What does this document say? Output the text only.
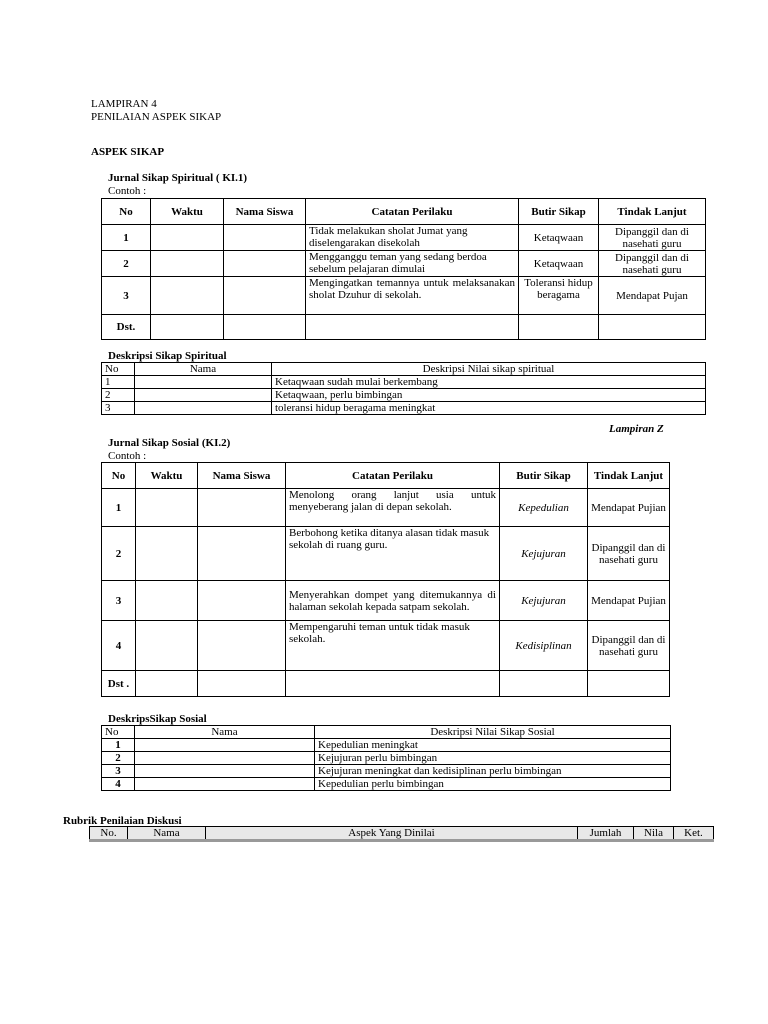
LAMPIRAN 4
PENILAIAN ASPEK SIKAP
ASPEK SIKAP
Jurnal Sikap Spiritual ( KI.1)
Contoh :
No	Waktu	Nama Siswa	Catatan Perilaku	Butir Sikap	Tindak Lanjut
1			Tidak melakukan sholat Jumat yang diselengarakan disekolah	Ketaqwaan	Dipanggil dan di nasehati guru
2			Mengganggu teman yang sedang berdoa sebelum pelajaran dimulai	Ketaqwaan	Dipanggil dan di nasehati guru
3			Mengingatkan temannya untuk melaksanakan sholat Dzuhur di sekolah.	Toleransi hidup beragama	Mendapat Pujan
Dst.					
Deskripsi Sikap Spiritual
No	Nama	Deskripsi Nilai sikap spiritual
1		Ketaqwaan sudah mulai berkembang
2		Ketaqwaan, perlu bimbingan
3		toleransi hidup beragama meningkat
Lampiran Z
Jurnal Sikap Sosial (KI.2)
Contoh :
No	Waktu	Nama Siswa	Catatan Perilaku	Butir Sikap	Tindak Lanjut
1			Menolong orang lanjut usia untuk menyeberang jalan di depan sekolah.	Kepedulian	Mendapat Pujian
2			Berbohong ketika ditanya alasan tidak masuk sekolah di ruang guru.	Kejujuran	Dipanggil dan di nasehati guru
3			Menyerahkan dompet yang ditemukannya di halaman sekolah kepada satpam sekolah.	Kejujuran	Mendapat Pujian
4			Mempengaruhi teman untuk tidak masuk sekolah.	Kedisiplinan	Dipanggil dan di nasehati guru
Dst .					
DeskripsSikap Sosial
No	Nama	Deskripsi Nilai Sikap Sosial
1		Kepedulian meningkat
2		Kejujuran perlu bimbingan
3		Kejujuran meningkat dan kedisiplinan perlu bimbingan
4		Kepedulian perlu bimbingan
Rubrik Penilaian Diskusi
No.	Nama	Aspek Yang Dinilai	Jumlah	Nila	Ket.
